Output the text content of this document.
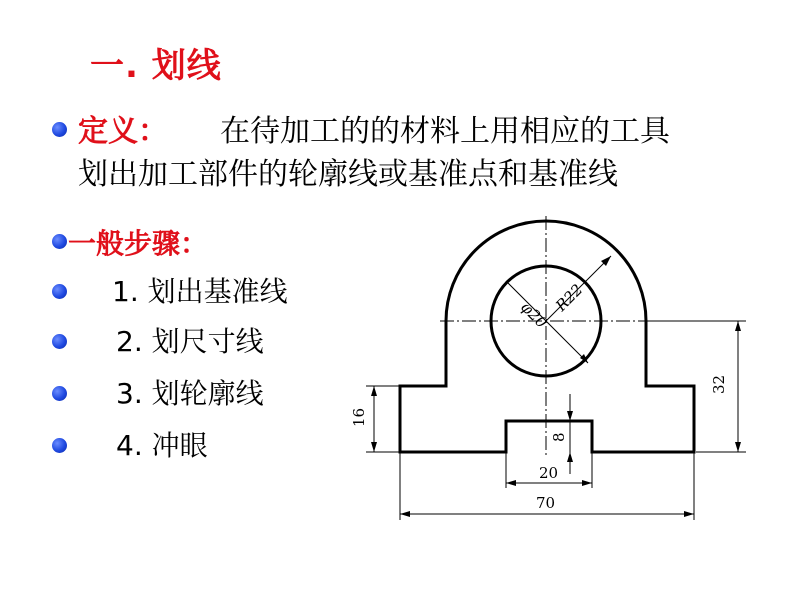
一. 划线
定义： 在待加工的的材料上用相应的工具
划出加工部件的轮廓线或基准点和基准线
一般步骤：
1. 划出基准线
2. 划尺寸线
3. 划轮廓线
4. 冲眼
φ20
R22
32
16
8
20
70
